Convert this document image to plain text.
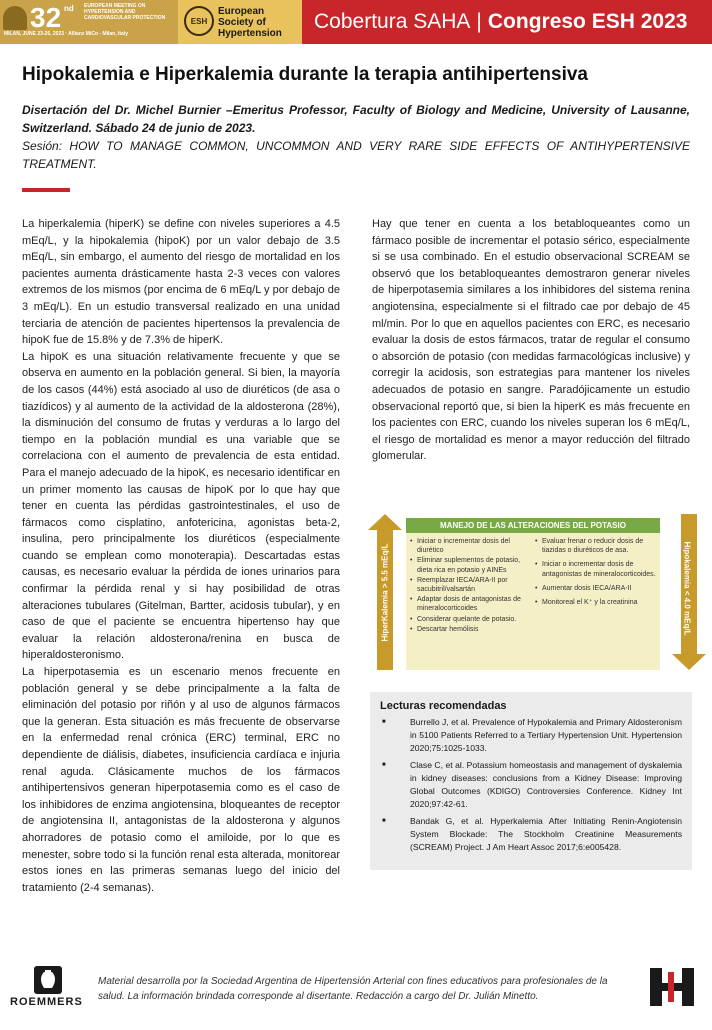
32 nd EUROPEAN MEETING ON HYPERTENSION AND CARDIOVASCULAR PROTECTION
MILAN, JUNE 23-26, 2023 · Allianz MiCo - Milan, Italy
ESH
European
Society of
Hypertension
Cobertura SAHA | Congreso ESH 2023
Hipokalemia e Hiperkalemia durante la terapia antihipertensiva
Disertación del Dr. Michel Burnier –Emeritus Professor, Faculty of Biology and Medicine, University of Lausanne, Switzerland. Sábado 24 de junio de 2023.
Sesión: HOW TO MANAGE COMMON, UNCOMMON AND VERY RARE SIDE EFFECTS OF ANTIHYPERTENSIVE TREATMENT.

La hiperkalemia (hiperK) se define con niveles superiores a 4.5 mEq/L, y la hipokalemia (hipoK) por un valor debajo de 3.5 mEq/L, sin embargo, el aumento del riesgo de mortalidad en los pacientes aumenta drásticamente hasta 2-3 veces con valores extremos de los mismos (por encima de 6 mEq/L y por debajo de 3 mEq/L). En un estudio transversal realizado en una unidad terciaria de atención de pacientes hipertensos la prevalencia de hipoK fue de 15.8% y de 7.3% de hiperK.

La hipoK es una situación relativamente frecuente y que se observa en aumento en la población general. Si bien, la mayoría de los casos (44%) está asociado al uso de diuréticos (de asa o tiazídicos) y al aumento de la actividad de la aldosterona (28%), la disminución del consumo de frutas y verduras a lo largo del tiempo en la población mundial es una variable que se correlaciona con el aumento de prevalencia de esta entidad. Para el manejo adecuado de la hipoK, es necesario identificar en un primer momento las causas de hipoK por lo que hay que tener en cuenta las pérdidas gastrointestinales, el uso de fármacos como cisplatino, anfotericina, agonistas beta-2, insulina, pero principalmente los diuréticos (especialmente cuando se emplean como monoterapia). Descartadas estas causas, es necesario evaluar la pérdida de iones urinarios para confirmar la pérdida renal y si hay posibilidad de otras alteraciones tubulares (Gitelman, Bartter, acidosis tubular), y en caso de que el paciente se encuentra hipertenso hay que evaluar la relación aldosterona/renina en busca de hiperaldosteronismo.

La hiperpotasemia es un escenario menos frecuente en población general y se debe principalmente a la falta de eliminación del potasio por riñón y al uso de algunos fármacos que la generan. Esta situación es más frecuente de observarse en la enfermedad renal crónica (ERC) terminal, ERC no dependiente de diálisis, diabetes, insuficiencia cardíaca e injuria renal aguda. Clásicamente muchos de los fármacos antihipertensivos generan hiperpotasemia como es el caso de los inhibidores de enzima angiotensina, bloqueantes de receptor de angiotensina II, antagonistas de la aldosterona y algunos ahorradores de potasio como el amiloide, por lo que es menester, sobre todo si la función renal esta alterada, monitorear estos iones en las primeras semanas luego del inicio del tratamiento (2-4 semanas).

Hay que tener en cuenta a los betabloqueantes como un fármaco posible de incrementar el potasio sérico, especialmente si se usa combinado. En el estudio observacional SCREAM se observó que los betabloqueantes demostraron generar niveles de hiperpotasemia similares a los inhibidores del sistema renina angiotensina, especialmente si el filtrado cae por debajo de 45 ml/min. Por lo que en aquellos pacientes con ERC, es necesario evaluar la dosis de estos fármacos, tratar de regular el consumo o absorción de potasio (con medidas farmacológicas inclusive) y corregir la acidosis, son estrategias para mantener los niveles adecuados de potasio en sangre. Paradójicamente un estudio observacional reportó que, si bien la hiperK es más frecuente en los pacientes con ERC, cuando los niveles superan los 6 mEq/L, el riesgo de mortalidad es menor a mayor reducción del filtrado glomerular.

HiperKalemia > 5.5 mEq/L
MANEJO DE LAS ALTERACIONES DEL POTASIO
• Iniciar o incrementar dosis del diurético
• Eliminar suplementos de potasio, dieta rica en potasio y AINEs
• Reemplazar IECA/ARA-II por sacubitril/valsartán
• Adaptar dosis de antagonistas de mineralocorticoides
• Considerar quelante de potasio.
• Descartar hemólisis
• Evaluar frenar o reducir dosis de tiazidas o diuréticos de asa.
• Iniciar o incrementar dosis de antagonistas de mineralocorticoides.
• Aumentar dosis IECA/ARA-II
• Monitoreal el K⁺ y la creatinina	Hipokalemia < 4.0 mEq/L
Lecturas recomendadas
■ Burrello J, et al. Prevalence of Hypokalemia and Primary Aldosteronism in 5100 Patients Referred to a Tertiary Hypertension Unit. Hypertension 2020;75:1025-1033.
■ Clase C, et al. Potassium homeostasis and management of dyskalemia in kidney diseases: conclusions from a Kidney Disease: Improving Global Outcomes (KDIGO) Controversies Conference. Kidney Int 2020;97:42-61.
■ Bandak G, et al. Hyperkalemia After Initiating Renin-Angiotensin System Blockade: The Stockholm Creatinine Measurements (SCREAM) Project. J Am Heart Assoc 2017;6:e005428.
ROEMMERS
Material desarrolla por la Sociedad Argentina de Hipertensión Arterial con fines educativos para profesionales de la salud. La información brindada corresponde al disertante. Redacción a cargo del Dr. Julián Minetto.
